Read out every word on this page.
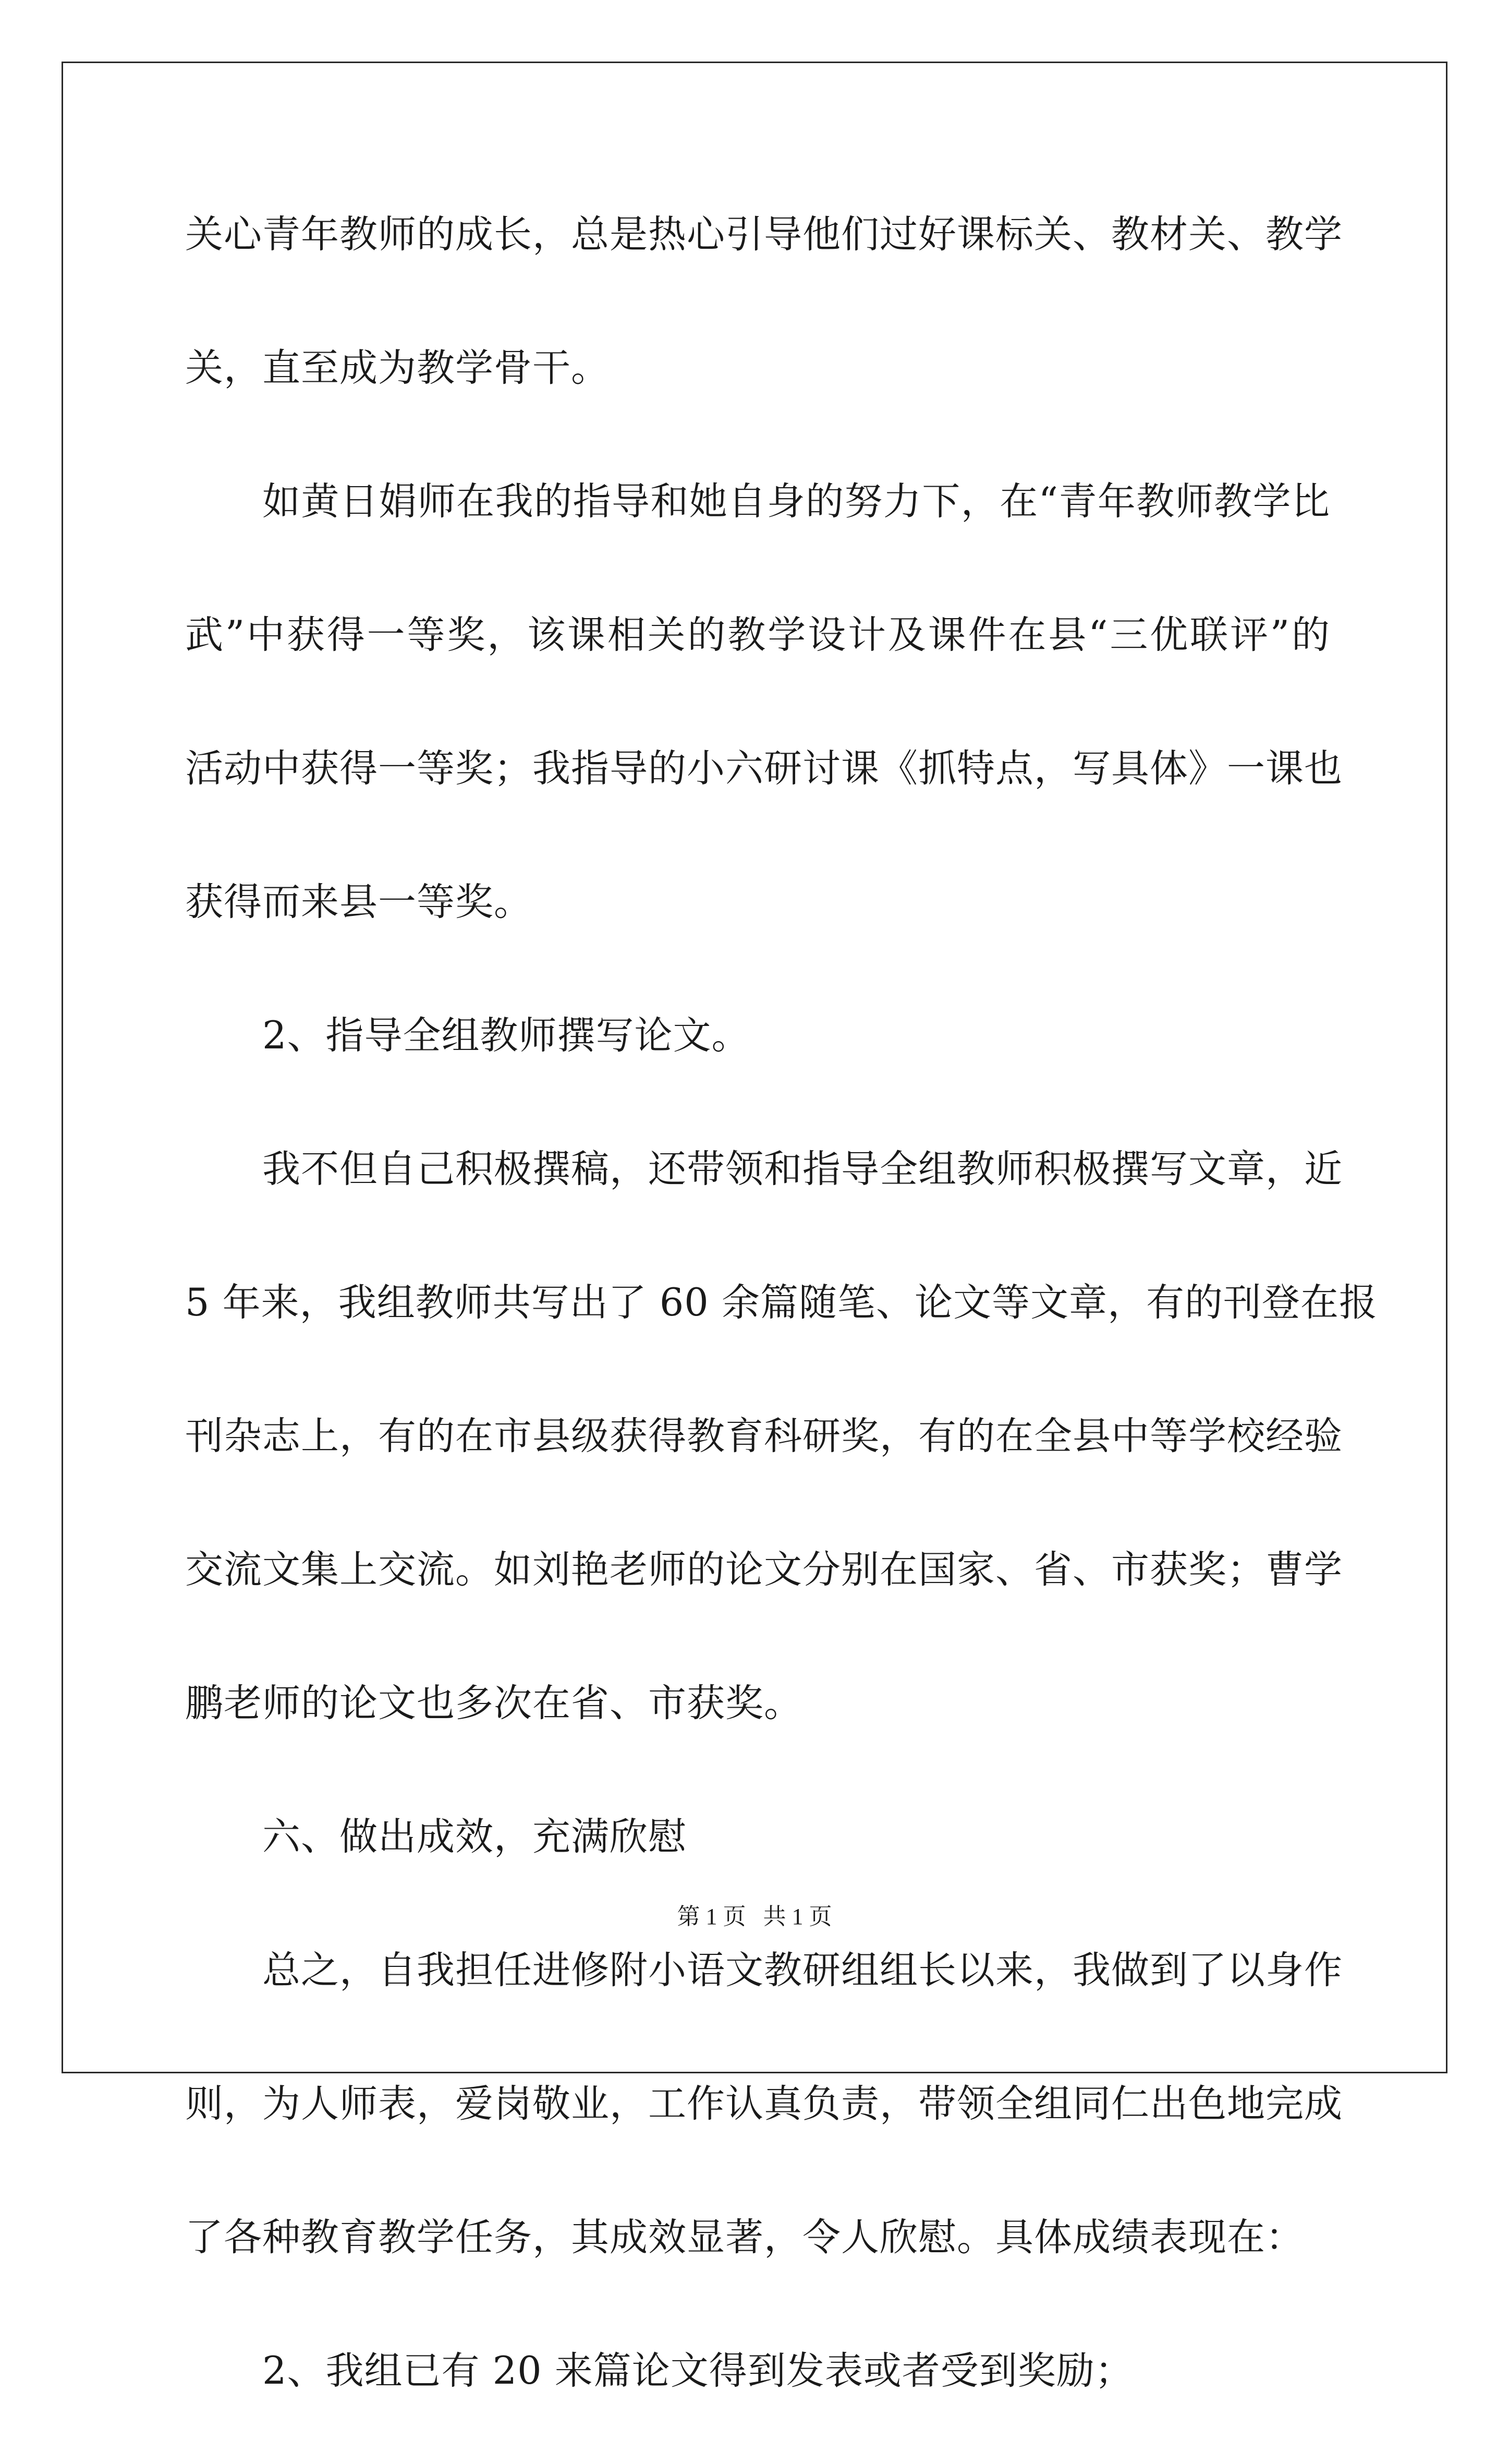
关心青年教师的成长，总是热心引导他们过好课标关、教材关、教学
关，直至成为教学骨干。
如黄日娟师在我的指导和她自身的努力下，在“青年教师教学比
武”中获得一等奖，该课相关的教学设计及课件在县“三优联评”的
活动中获得一等奖；我指导的小六研讨课《抓特点，写具体》一课也
获得而来县一等奖。
2、指导全组教师撰写论文。
我不但自己积极撰稿，还带领和指导全组教师积极撰写文章，近
5 年来，我组教师共写出了 60 余篇随笔、论文等文章，有的刊登在报
刊杂志上，有的在市县级获得教育科研奖，有的在全县中等学校经验
交流文集上交流。如刘艳老师的论文分别在国家、省、市获奖；曹学
鹏老师的论文也多次在省、市获奖。
六、做出成效，充满欣慰
总之，自我担任进修附小语文教研组组长以来，我做到了以身作
则，为人师表，爱岗敬业，工作认真负责，带领全组同仁出色地完成
了各种教育教学任务，其成效显著，令人欣慰。具体成绩表现在：
2、我组已有 20 来篇论文得到发表或者受到奖励；
第 1 页 共 1 页
